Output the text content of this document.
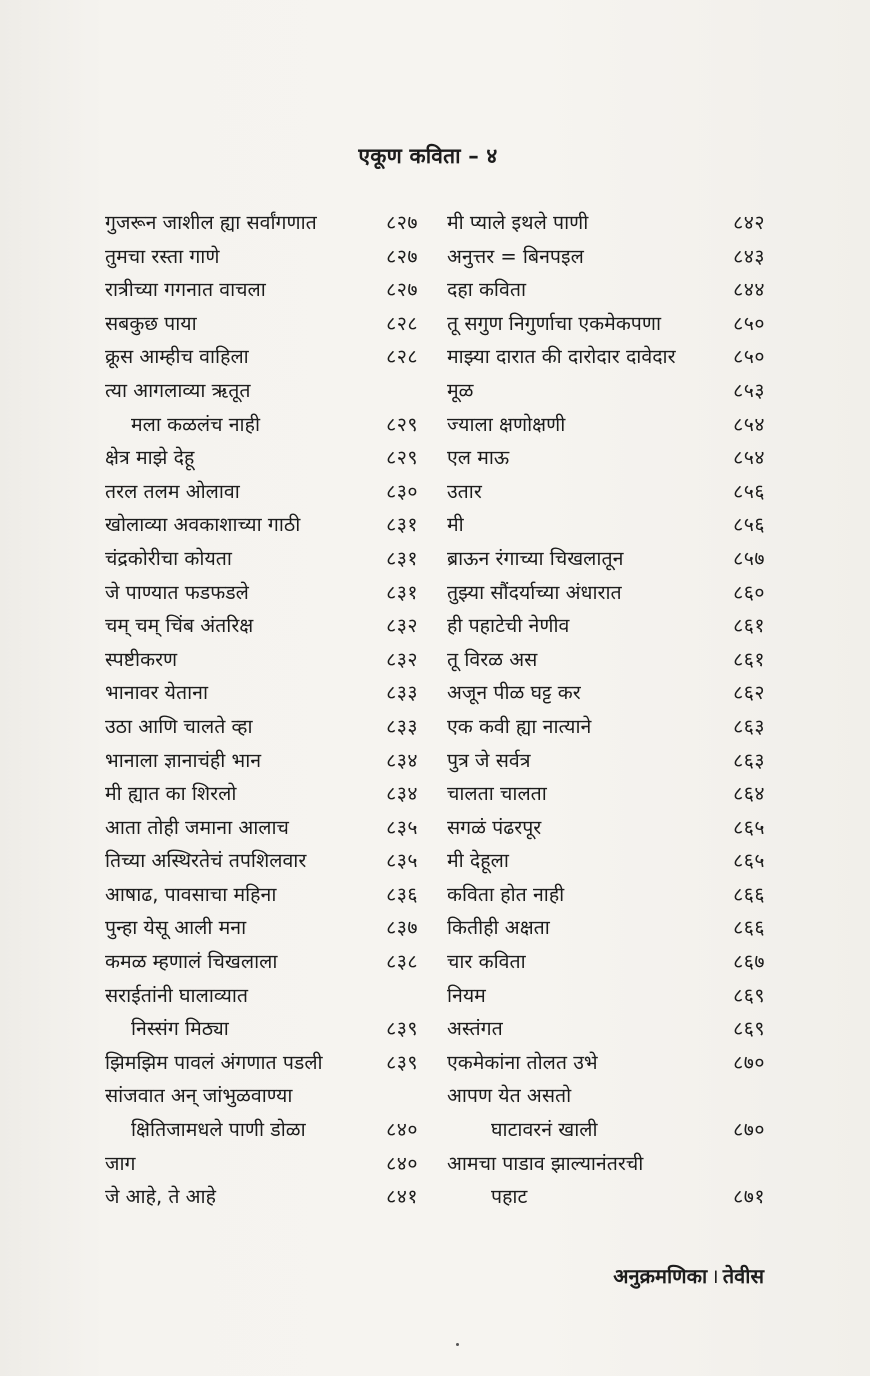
एकूण कविता – ४
गुजरून जाशील ह्या सर्वांगणात	८२७
तुमचा रस्ता गाणे	८२७
रात्रीच्या गगनात वाचला	८२७
सबकुछ पाया	८२८
क्रूस आम्हीच वाहिला	८२८
त्या आगलाव्या ऋतूत
मला कळलंच नाही	८२९
क्षेत्र माझे देहू	८२९
तरल तलम ओलावा	८३०
खोलाव्या अवकाशाच्या गाठी	८३१
चंद्रकोरीचा कोयता	८३१
जे पाण्यात फडफडले	८३१
चम् चम् चिंब अंतरिक्ष	८३२
स्पष्टीकरण	८३२
भानावर येताना	८३३
उठा आणि चालते व्हा	८३३
भानाला ज्ञानाचंही भान	८३४
मी ह्यात का शिरलो	८३४
आता तोही जमाना आलाच	८३५
तिच्या अस्थिरतेचं तपशिलवार	८३५
आषाढ, पावसाचा महिना	८३६
पुन्हा येसू आली मना	८३७
कमळ म्हणालं चिखलाला	८३८
सराईतांनी घालाव्यात
निस्संग मिठ्या	८३९
झिमझिम पावलं अंगणात पडली	८३९
सांजवात अन् जांभुळवाण्या
क्षितिजामधले पाणी डोळा	८४०
जाग	८४०
जे आहे, ते आहे	८४१
मी प्याले इथले पाणी	८४२
अनुत्तर = बिनपइल	८४३
दहा कविता	८४४
तू सगुण निगुर्णाचा एकमेकपणा	८५०
माझ्या दारात की दारोदार दावेदार	८५०
मूळ	८५३
ज्याला क्षणोक्षणी	८५४
एल माऊ	८५४
उतार	८५६
मी	८५६
ब्राऊन रंगाच्या चिखलातून	८५७
तुझ्या सौंदर्याच्या अंधारात	८६०
ही पहाटेची नेणीव	८६१
तू विरळ अस	८६१
अजून पीळ घट्ट कर	८६२
एक कवी ह्या नात्याने	८६३
पुत्र जे सर्वत्र	८६३
चालता चालता	८६४
सगळं पंढरपूर	८६५
मी देहूला	८६५
कविता होत नाही	८६६
कितीही अक्षता	८६६
चार कविता	८६७
नियम	८६९
अस्तंगत	८६९
एकमेकांना तोलत उभे	८७०
आपण येत असतो
घाटावरनं खाली	८७०
आमचा पाडाव झाल्यानंतरची
पहाट	८७१
अनुक्रमणिका । तेवीस
